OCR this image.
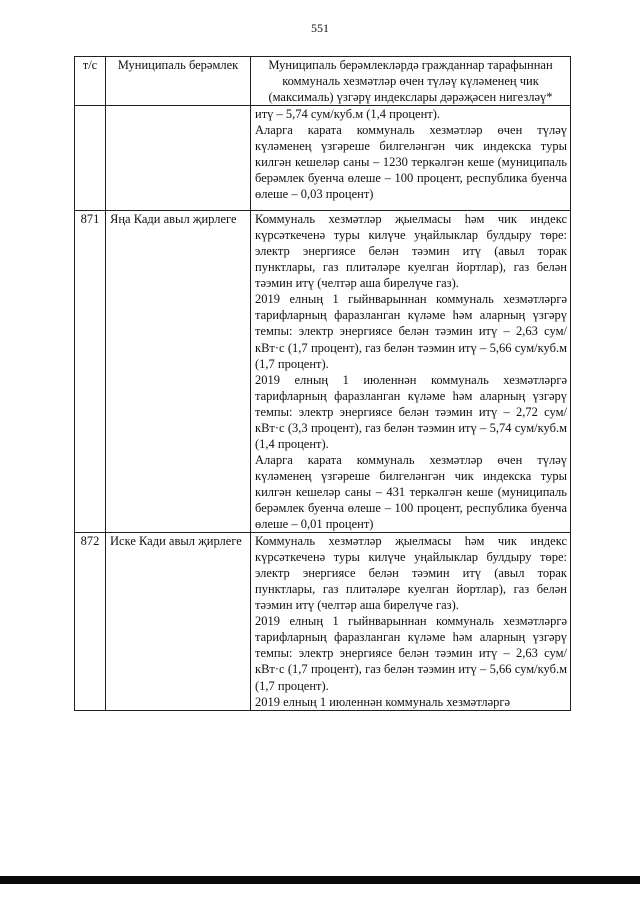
551
т/с	Муниципаль берәмлек	Муниципаль берәмлекләрдә гражданнар тарафыннан коммуналь хезмәтләр өчен түләү күләменең чик (максималь) үзгәрү индекслары дәрәҗәсен нигезләү*

		итү – 5,74 сум/куб.м (1,4 процент).

Аларга карата коммуналь хезмәтләр өчен түләү күләменең үзгәреше билгеләнгән чик индекска туры килгән кешеләр саны – 1230 теркәлгән кеше (муниципаль берәмлек буенча өлеше – 100 процент, республика буенча өлеше – 0,03 процент)

871	Яңа Кади авыл җирлеге	Коммуналь хезмәтләр җыелмасы һәм чик индекс күрсәткеченә туры килүче уңайлыклар булдыру төре: электр энергиясе белән тәэмин итү (авыл торак пунктлары, газ плитәләре куелган йортлар), газ белән тәэмин итү (челтәр аша бирелүче газ).

2019 елның 1 гыйнварыннан коммуналь хезмәтләргә тарифларның фаразланган күләме һәм аларның үзгәрү темпы: электр энергиясе белән тәэмин итү – 2,63 сум/кВт·с (1,7 процент), газ белән тәэмин итү – 5,66 сум/куб.м (1,7 процент).

2019 елның 1 июленнән коммуналь хезмәтләргә тарифларның фаразланган күләме һәм аларның үзгәрү темпы: электр энергиясе белән тәэмин итү – 2,72 сум/кВт·с (3,3 процент), газ белән тәэмин итү – 5,74 сум/куб.м (1,4 процент).

Аларга карата коммуналь хезмәтләр өчен түләү күләменең үзгәреше билгеләнгән чик индекска туры килгән кешеләр саны – 431 теркәлгән кеше (муниципаль берәмлек буенча өлеше – 100 процент, республика буенча өлеше – 0,01 процент)

872	Иске Кади авыл җирлеге	Коммуналь хезмәтләр җыелмасы һәм чик индекс күрсәткеченә туры килүче уңайлыклар булдыру төре: электр энергиясе белән тәэмин итү (авыл торак пунктлары, газ плитәләре куелган йортлар), газ белән тәэмин итү (челтәр аша бирелүче газ).

2019 елның 1 гыйнварыннан коммуналь хезмәтләргә тарифларның фаразланган күләме һәм аларның үзгәрү темпы: электр энергиясе белән тәэмин итү – 2,63 сум/кВт·с (1,7 процент), газ белән тәэмин итү – 5,66 сум/куб.м (1,7 процент).

2019 елның 1 июленнән коммуналь хезмәтләргә
